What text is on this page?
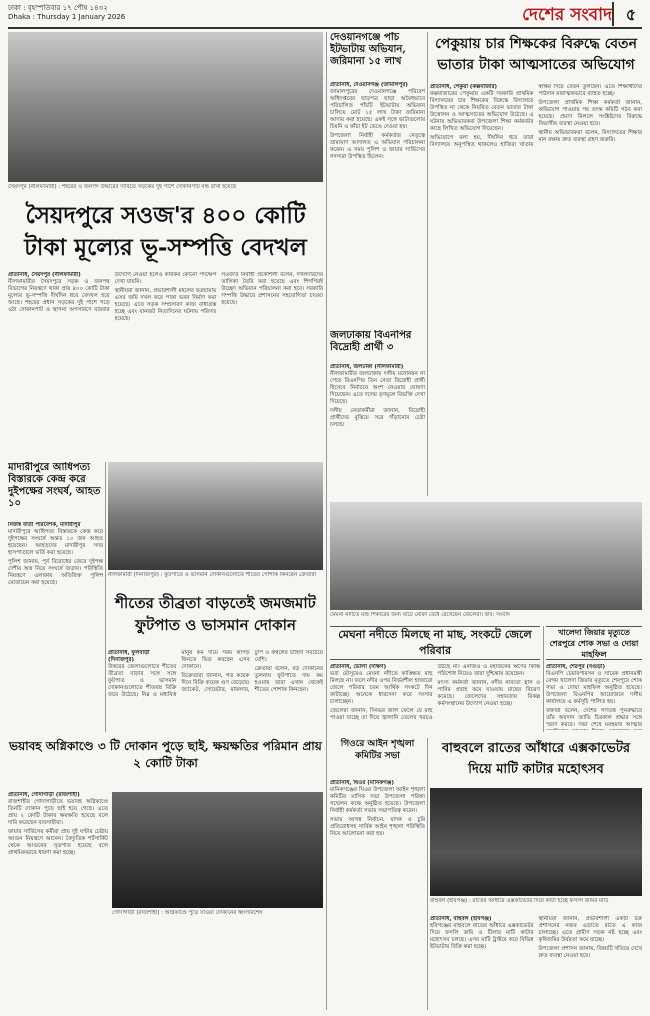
ঢাকা : বৃহস্পতিবার ১৭ পৌষ ১৪৩২
Dhaka : Thursday 1 January 2026	দেশের সংবাদ ৫
সৈয়দপুর (নীলফামারী) : শহরের ও জনপদ উদ্ধারের দাবিতে সড়কের দুই পাশে দোকানপাট বন্ধ রাখা হয়েছে
সৈয়দপুরে সওজ'র ৪০০ কোটি টাকা মূল্যের ভূ-সম্পত্তি বেদখল
প্রতিনিধি, সৈয়দপুর (নীলফামারী)

নীলফামারীর সৈয়দপুরে সড়ক ও জনপথ বিভাগের নিয়ন্ত্রণে থাকা প্রায় ৪০০ কোটি টাকা মূল্যের ভূ-সম্পত্তি দীর্ঘদিন ধরে বেদখল হয়ে আছে। শহরের প্রধান সড়কের দুই পাশে গড়ে ওঠা দোকানপাট ও স্থাপনা অপসারণে বারবার উদ্যোগ নেওয়া হলেও কার্যকর কোনো পদক্ষেপ দেখা যায়নি।

স্থানীয়রা জানান, প্রভাবশালী মহলের ছত্রছায়ায় এসব জমি দখল করে পাকা ভবন নির্মাণ করা হয়েছে। এতে সড়ক সম্প্রসারণ কাজ বাধাগ্রস্ত হচ্ছে এবং যানজট নিত্যদিনের ঘটনায় পরিণত হয়েছে।

সওজ'র নির্বাহী প্রকৌশলী বলেন, দখলদারদের তালিকা তৈরি করা হয়েছে এবং শিগগিরই উচ্ছেদ অভিযান পরিচালনা করা হবে। সরকারি সম্পত্তি উদ্ধারে প্রশাসনের সহযোগিতা চাওয়া হয়েছে।

দেওয়ানগঞ্জে পাঁচ ইটভাটায় অভিযান, জরিমানা ১৫ লাখ
প্রতিনিধি, দেওয়ানগঞ্জ (জামালপুর)

জামালপুরের দেওয়ানগঞ্জে পরিবেশ অধিদপ্তরের ছাড়পত্র ছাড়া অবৈধভাবে পরিচালিত পাঁচটি ইটভাটায় অভিযান চালিয়ে মোট ১৫ লাখ টাকা জরিমানা আদায় করা হয়েছে। একই সঙ্গে ভাটাগুলোর চিমনি ও কাঁচা ইট ভেঙে দেওয়া হয়।

উপজেলা নির্বাহী কর্মকর্তার নেতৃত্বে ভ্রাম্যমাণ আদালত এ অভিযান পরিচালনা করেন। এ সময় পুলিশ ও ফায়ার সার্ভিসের সদস্যরা উপস্থিত ছিলেন।

জলঢাকায় বিএনপির বিদ্রোহী প্রার্থী ৩
প্রতিনিধি, জলঢাকা (নীলফামারী)

নীলফামারীর জলঢাকায় দলীয় মনোনয়ন না পেয়ে বিএনপির তিন নেতা বিদ্রোহী প্রার্থী হিসেবে নির্বাচনে অংশ নেওয়ার ঘোষণা দিয়েছেন। এতে দলের তৃণমূলে বিভক্তি দেখা দিয়েছে।

দলীয় নেতাকর্মীরা জানান, বিদ্রোহী প্রার্থীদের বুঝিয়ে সরে দাঁড়ানোর চেষ্টা চলছে।

পেকুয়ায় চার শিক্ষকের বিরুদ্ধে বেতন ভাতার টাকা আত্মসাতের অভিযোগ
প্রতিনিধি, পেকুয়া (কক্সবাজার)

কক্সবাজারের পেকুয়ায় একটি সরকারি প্রাথমিক বিদ্যালয়ের চার শিক্ষকের বিরুদ্ধে বিদ্যালয়ে উপস্থিত না থেকে নিয়মিত বেতন ভাতার টাকা উত্তোলন ও আত্মসাতের অভিযোগ উঠেছে। এ ঘটনায় অভিভাবকরা উপজেলা শিক্ষা কর্মকর্তার কাছে লিখিত অভিযোগ দিয়েছেন।

অভিযোগে বলা হয়, দীর্ঘদিন ধরে তারা বিদ্যালয়ে অনুপস্থিত থাকলেও হাজিরা খাতায় স্বাক্ষর দিয়ে বেতন তুলছেন। এতে শিক্ষার্থীদের পাঠদান মারাত্মকভাবে ব্যাহত হচ্ছে।

উপজেলা প্রাথমিক শিক্ষা কর্মকর্তা জানান, অভিযোগ পাওয়ার পর তদন্ত কমিটি গঠন করা হয়েছে। প্রমাণ মিললে সংশ্লিষ্টদের বিরুদ্ধে বিভাগীয় ব্যবস্থা নেওয়া হবে।

স্থানীয় অভিভাবকরা বলেন, বিদ্যালয়ের শিক্ষার মান রক্ষায় দ্রুত ব্যবস্থা গ্রহণ জরুরি।

মাদারীপুরে আধিপত্য বিস্তারকে কেন্দ্র করে দুইপক্ষের সংঘর্ষ, আহত ১০
নিজস্ব বার্তা পরিবেশক, মাদারীপুর

মাদারীপুরে আধিপত্য বিস্তারকে কেন্দ্র করে দুইপক্ষের সংঘর্ষে অন্তত ১০ জন আহত হয়েছেন। আহতদের মাদারীপুর সদর হাসপাতালে ভর্তি করা হয়েছে।

পুলিশ জানায়, পূর্ব বিরোধের জেরে দুইপক্ষ দেশীয় অস্ত্র নিয়ে সংঘর্ষে জড়ায়। পরিস্থিতি নিয়ন্ত্রণে এলাকায় অতিরিক্ত পুলিশ মোতায়েন করা হয়েছে।

নীলফামারী (দিনাজপুর) : ফুটপাতে ও ভাসমান দোকানগুলোতে শীতের পোশাক কিনছেন ক্রেতারা
শীতের তীব্রতা বাড়তেই জমজমাট ফুটপাত ও ভাসমান দোকান
প্রতিনিধি, ফুলবাড়ী (দিনাজপুর)

উত্তরের জেলাগুলোতে শীতের তীব্রতা বাড়ার সঙ্গে সঙ্গে ফুটপাত ও ভাসমান দোকানগুলোতে শীতবস্ত্র বিক্রি জমে উঠেছে। নিম্ন ও মধ্যবিত্ত মানুষ কম দামে গরম কাপড় কিনতে ভিড় করছেন এসব দোকানে।

বিক্রেতারা জানান, গত কয়েক দিনে বিক্রি কয়েক গুণ বেড়েছে। জ্যাকেট, সোয়েটার, মাফলার, টুপি ও কম্বলের চাহিদা সবচেয়ে বেশি।

ক্রেতারা বলেন, বড় দোকানের তুলনায় ফুটপাতে দাম কম হওয়ায় তারা এখান থেকেই শীতের পোশাক কিনছেন।

মেঘনা নদীতে মাছ শিকারের জন্য ঘাটে নৌকা বেঁধে রেখেছেন জেলেরা। ছবি: সংবাদ
মেঘনা নদীতে মিলছে না মাছ, সংকটে জেলে পরিবার
প্রতিনিধি, ভোলা (দক্ষিণ)

ভরা মৌসুমেও মেঘনা নদীতে কাঙ্ক্ষিত মাছ মিলছে না। ফলে নদীর ওপর নির্ভরশীল হাজারো জেলে পরিবার চরম আর্থিক সংকটে দিন কাটাচ্ছে। অনেকে ধারদেনা করে সংসার চালাচ্ছেন।

জেলেরা জানান, দিনভর জাল ফেলে যে মাছ পাওয়া যাচ্ছে তা দিয়ে জ্বালানি তেলের খরচও উঠছে না। এনজিও ও মহাজনের ঋণের কিস্তি পরিশোধ নিয়েও তারা দুশ্চিন্তায় রয়েছেন।

মৎস্য কর্মকর্তা জানান, নদীর নাব্যতা হ্রাস ও পানির প্রবাহ কমে যাওয়ায় মাছের বিচরণ কমেছে। জেলেদের সহায়তায় বিকল্প কর্মসংস্থানের উদ্যোগ নেওয়া হচ্ছে।

খালেদা জিয়ার মৃত্যুতে শেরপুরে শোক সভা ও দোয়া মাহফিল
প্রতিনিধি, শেরপুর (বগুড়া)

বিএনপি চেয়ারপারসন ও সাবেক প্রধানমন্ত্রী বেগম খালেদা জিয়ার মৃত্যুতে শেরপুরে শোক সভা ও দোয়া মাহফিল অনুষ্ঠিত হয়েছে। উপজেলা বিএনপির আয়োজনে দলীয় কার্যালয়ে এ কর্মসূচি পালিত হয়।

বক্তারা বলেন, দেশের গণতন্ত্র পুনরুদ্ধারে তাঁর অবদান জাতি চিরকাল শ্রদ্ধার সঙ্গে স্মরণ করবে। সভা শেষে মরহুমার আত্মার

ভয়াবহ অগ্নিকাণ্ডে ৩ টি দোকান পুড়ে ছাই, ক্ষয়ক্ষতির পরিমান প্রায় ২ কোটি টাকা
প্রতিনিধি, গোদাগাড়ী (রাজশাহী)

রাজশাহীর গোদাগাড়ীতে ভয়াবহ অগ্নিকাণ্ডে তিনটি দোকান পুড়ে ছাই হয়ে গেছে। এতে প্রায় ২ কোটি টাকার ক্ষয়ক্ষতি হয়েছে বলে দাবি করেছেন ব্যবসায়ীরা।

ফায়ার সার্ভিসের কর্মীরা প্রায় দুই ঘণ্টার চেষ্টায় আগুন নিয়ন্ত্রণে আনেন। বৈদ্যুতিক শর্টসার্কিট থেকে আগুনের সূত্রপাত হয়েছে বলে প্রাথমিকভাবে ধারণা করা হচ্ছে।

গোদাগাড়ী (রাজশাহী) : অগ্নিকাণ্ডে পুড়ে যাওয়া দোকানের ধ্বংসাবশেষ
গিওরে আইন শৃঙ্খলা কমিটির সভা
প্রতিনিধি, ঘিওর (মানিকগঞ্জ)

মানিকগঞ্জের ঘিওর উপজেলা আইন শৃঙ্খলা কমিটির মাসিক সভা উপজেলা পরিষদ সম্মেলন কক্ষে অনুষ্ঠিত হয়েছে। উপজেলা নির্বাহী কর্মকর্তা সভায় সভাপতিত্ব করেন।

সভায় আসন্ন নির্বাচন, মাদক ও চুরি প্রতিরোধসহ সার্বিক আইন শৃঙ্খলা পরিস্থিতি নিয়ে আলোচনা করা হয়।

বাহুবলে রাতের আঁধারে এক্সকাভেটর দিয়ে মাটি কাটার মহোৎসব
বাহুবল (হবিগঞ্জ) : রাতের আঁধারে এক্সকাভেটর দিয়ে কাটা হচ্ছে ফসলি জমির মাটি
প্রতিনিধি, বাহুবল (হবিগঞ্জ)

হবিগঞ্জের বাহুবলে রাতের আঁধারে এক্সকাভেটর দিয়ে ফসলি জমি ও টিলার মাটি কাটার মহোৎসব চলছে। এসব মাটি ট্রাক্টরে করে বিভিন্ন ইটভাটায় বিক্রি করা হচ্ছে।

স্থানীয়রা জানান, প্রভাবশালী একটি চক্র প্রশাসনের নজর এড়াতে রাতে এ কাজ চালাচ্ছে। এতে গ্রামীণ সড়ক নষ্ট হচ্ছে এবং কৃষিজমির উর্বরতা কমে যাচ্ছে।

উপজেলা প্রশাসন জানায়, বিষয়টি খতিয়ে দেখে দ্রুত ব্যবস্থা নেওয়া হবে।
